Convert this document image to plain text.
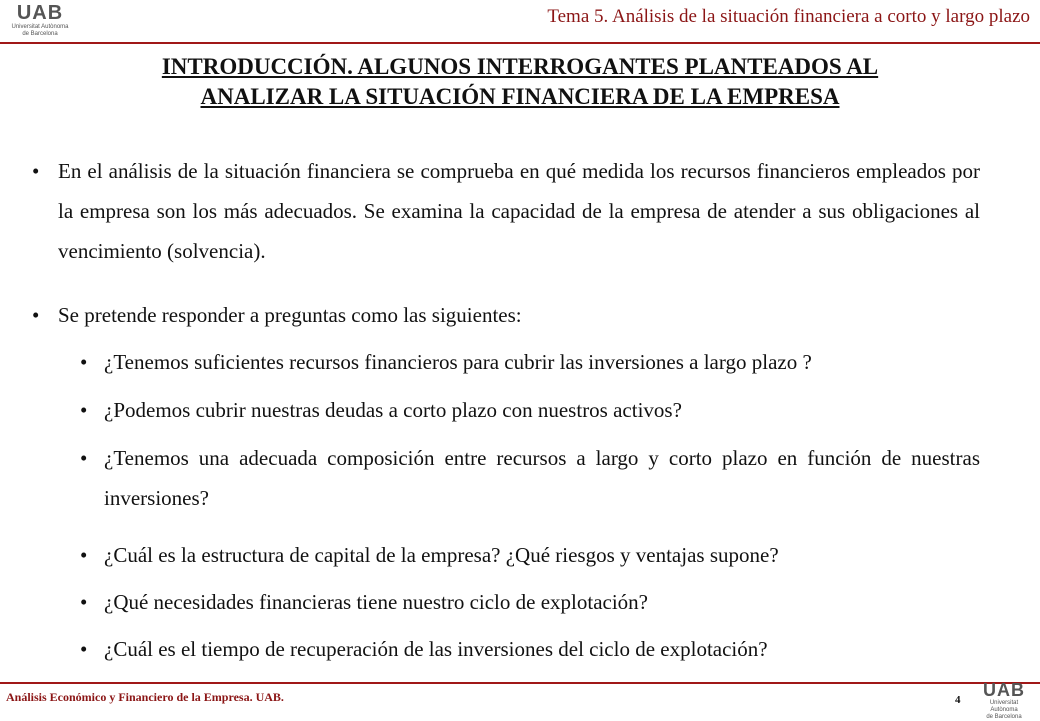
UAB
Universitat Autònoma
de Barcelona
Tema 5. Análisis de la situación financiera a corto y largo plazo
INTRODUCCIÓN. ALGUNOS INTERROGANTES PLANTEADOS AL
ANALIZAR LA SITUACIÓN FINANCIERA DE LA EMPRESA
• En el análisis de la situación financiera se comprueba en qué medida los recursos financieros empleados por la empresa son los más adecuados. Se examina la capacidad de la empresa de atender a sus obligaciones al vencimiento (solvencia).
• Se pretende responder a preguntas como las siguientes:
• ¿Tenemos suficientes recursos financieros para cubrir las inversiones a largo plazo ?
• ¿Podemos cubrir nuestras deudas a corto plazo con nuestros activos?
• ¿Tenemos una adecuada composición entre recursos a largo y corto plazo en función de nuestras inversiones?
• ¿Cuál es la estructura de capital de la empresa? ¿Qué riesgos y ventajas supone?
• ¿Qué necesidades financieras tiene nuestro ciclo de explotación?
• ¿Cuál es el tiempo de recuperación de las inversiones del ciclo de explotación?
Análisis Económico y Financiero de la Empresa. UAB.	4	UAB
Universitat Autònoma
de Barcelona
